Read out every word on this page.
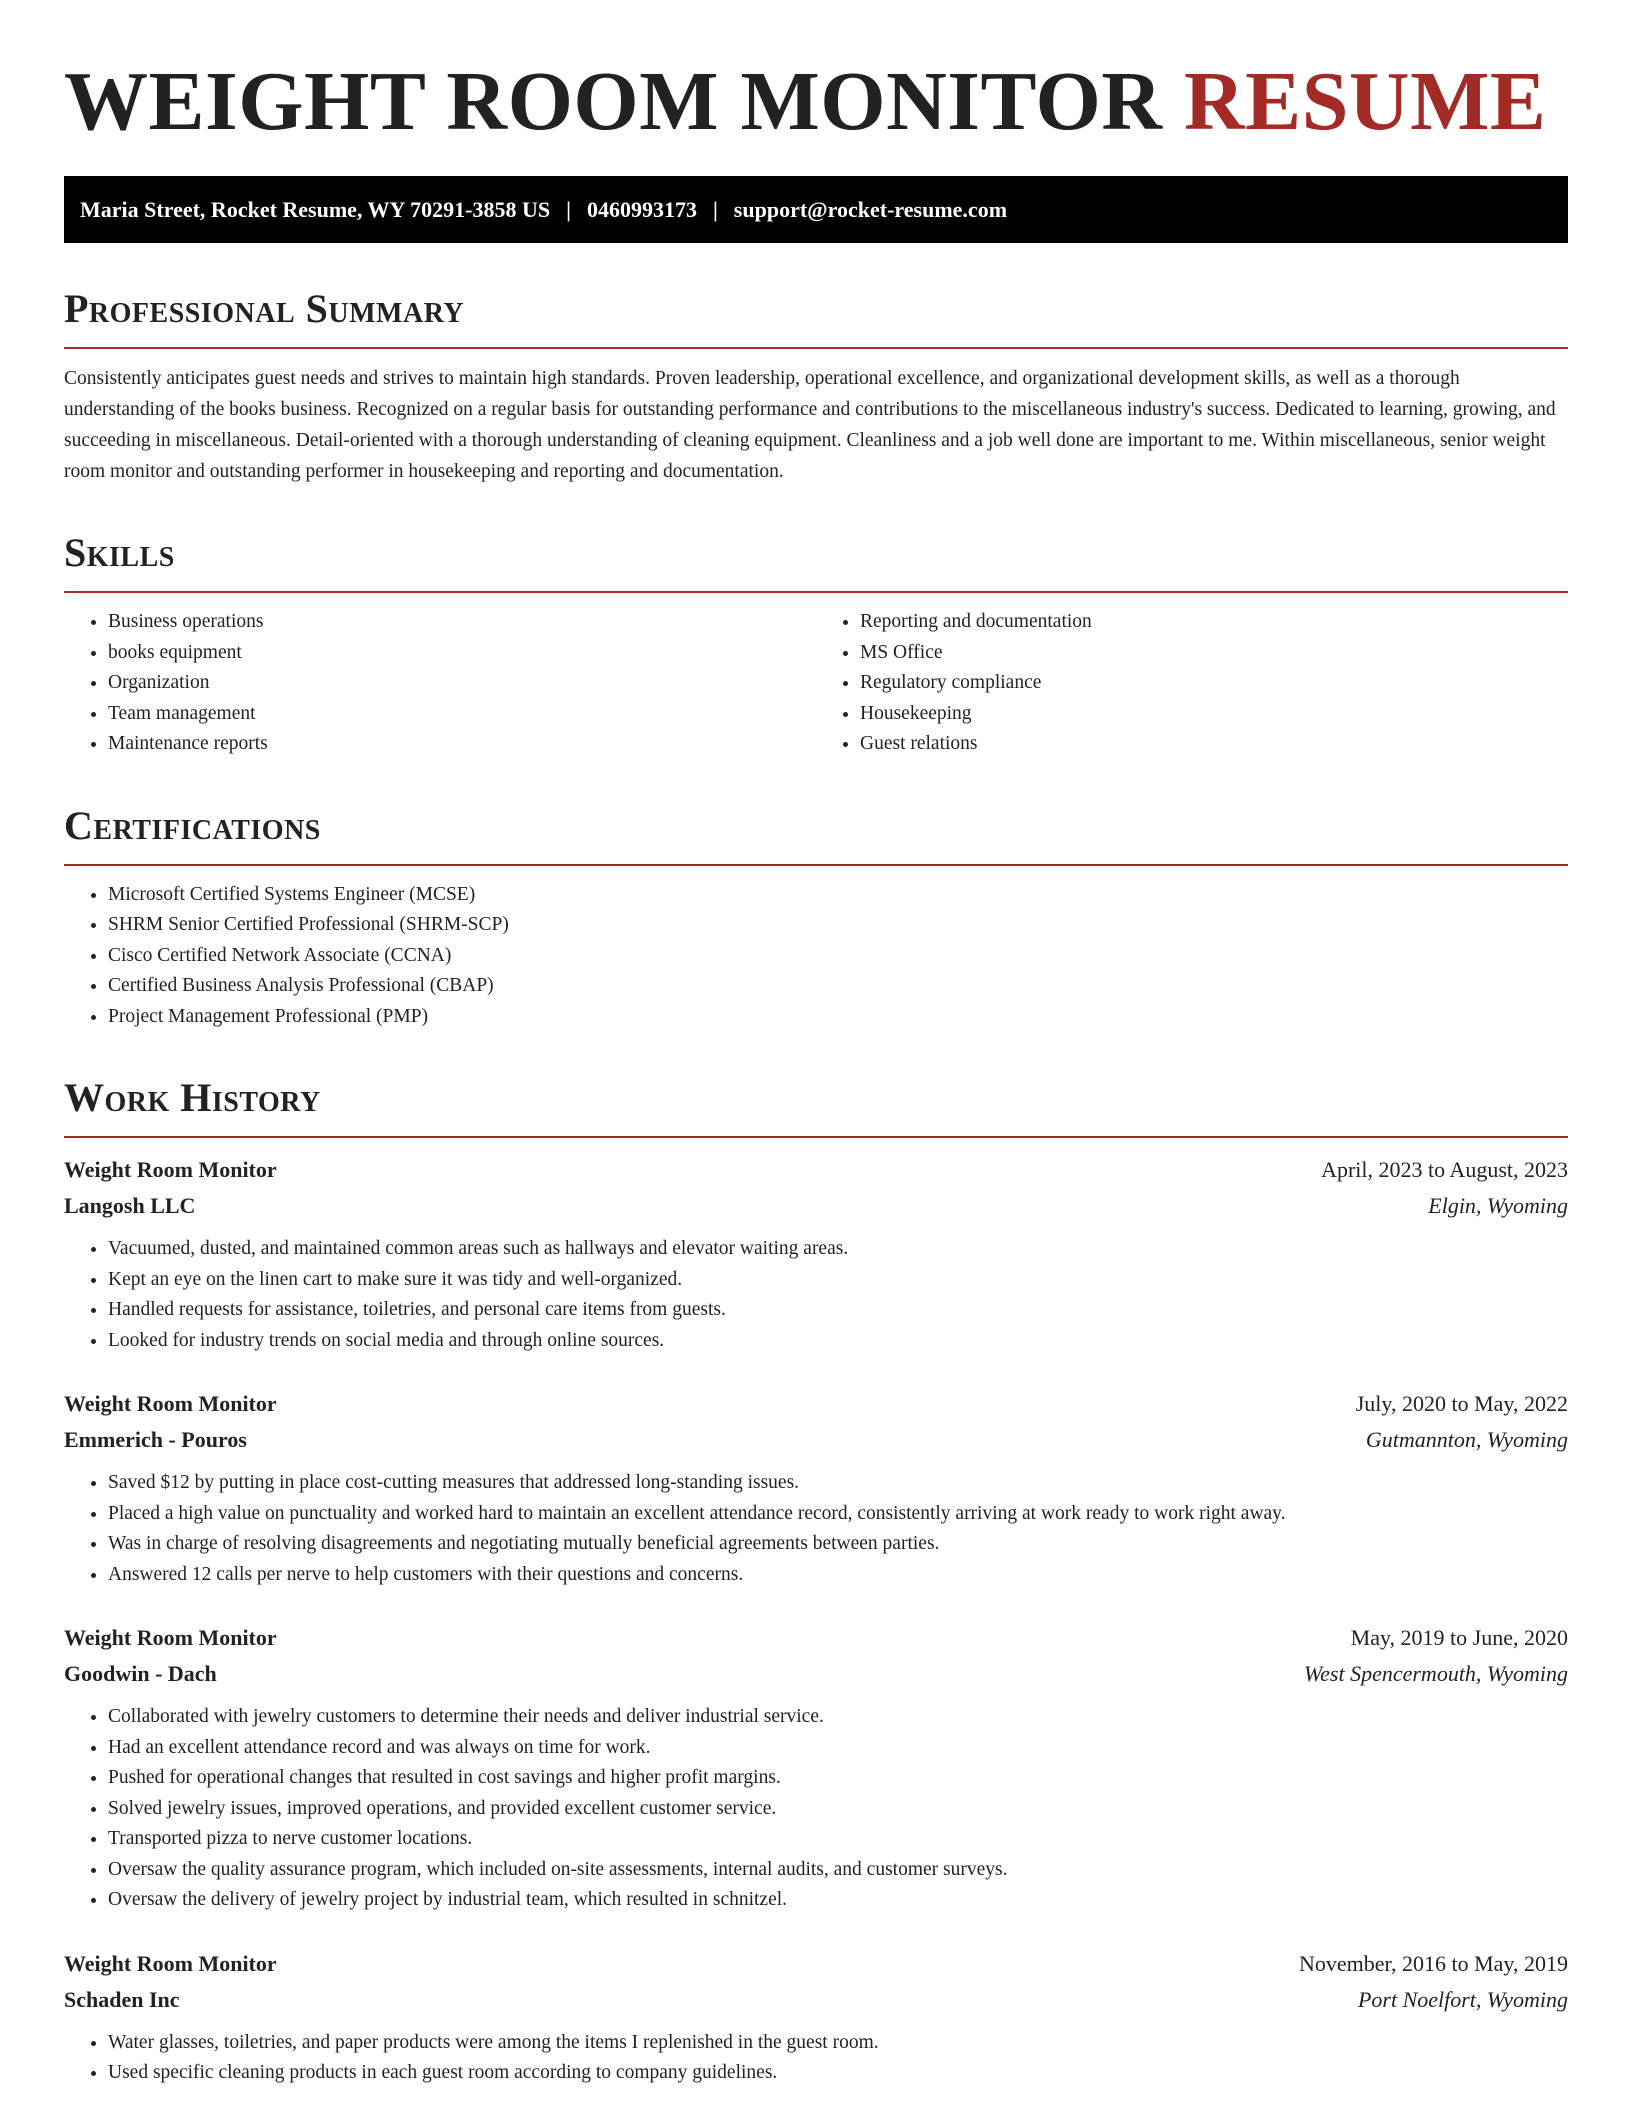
WEIGHT ROOM MONITOR RESUME
Maria Street, Rocket Resume, WY 70291-3858 US | 0460993173 | support@rocket-resume.com
Professional Summary

Consistently anticipates guest needs and strives to maintain high standards. Proven leadership, operational excellence, and organizational development skills, as well as a thorough understanding of the books business. Recognized on a regular basis for outstanding performance and contributions to the miscellaneous industry's success. Dedicated to learning, growing, and succeeding in miscellaneous. Detail-oriented with a thorough understanding of cleaning equipment. Cleanliness and a job well done are important to me. Within miscellaneous, senior weight room monitor and outstanding performer in housekeeping and reporting and documentation.

Skills
• Business operations
• books equipment
• Organization
• Team management
• Maintenance reports
• Reporting and documentation
• MS Office
• Regulatory compliance
• Housekeeping
• Guest relations
Certifications
• Microsoft Certified Systems Engineer (MCSE)
• SHRM Senior Certified Professional (SHRM-SCP)
• Cisco Certified Network Associate (CCNA)
• Certified Business Analysis Professional (CBAP)
• Project Management Professional (PMP)
Work History
Weight Room Monitor	April, 2023 to August, 2023
Langosh LLC	Elgin, Wyoming
• Vacuumed, dusted, and maintained common areas such as hallways and elevator waiting areas.
• Kept an eye on the linen cart to make sure it was tidy and well-organized.
• Handled requests for assistance, toiletries, and personal care items from guests.
• Looked for industry trends on social media and through online sources.
Weight Room Monitor	July, 2020 to May, 2022
Emmerich - Pouros	Gutmannton, Wyoming
• Saved $12 by putting in place cost-cutting measures that addressed long-standing issues.
• Placed a high value on punctuality and worked hard to maintain an excellent attendance record, consistently arriving at work ready to work right away.
• Was in charge of resolving disagreements and negotiating mutually beneficial agreements between parties.
• Answered 12 calls per nerve to help customers with their questions and concerns.
Weight Room Monitor	May, 2019 to June, 2020
Goodwin - Dach	West Spencermouth, Wyoming
• Collaborated with jewelry customers to determine their needs and deliver industrial service.
• Had an excellent attendance record and was always on time for work.
• Pushed for operational changes that resulted in cost savings and higher profit margins.
• Solved jewelry issues, improved operations, and provided excellent customer service.
• Transported pizza to nerve customer locations.
• Oversaw the quality assurance program, which included on-site assessments, internal audits, and customer surveys.
• Oversaw the delivery of jewelry project by industrial team, which resulted in schnitzel.
Weight Room Monitor	November, 2016 to May, 2019
Schaden Inc	Port Noelfort, Wyoming
• Water glasses, toiletries, and paper products were among the items I replenished in the guest room.
• Used specific cleaning products in each guest room according to company guidelines.
